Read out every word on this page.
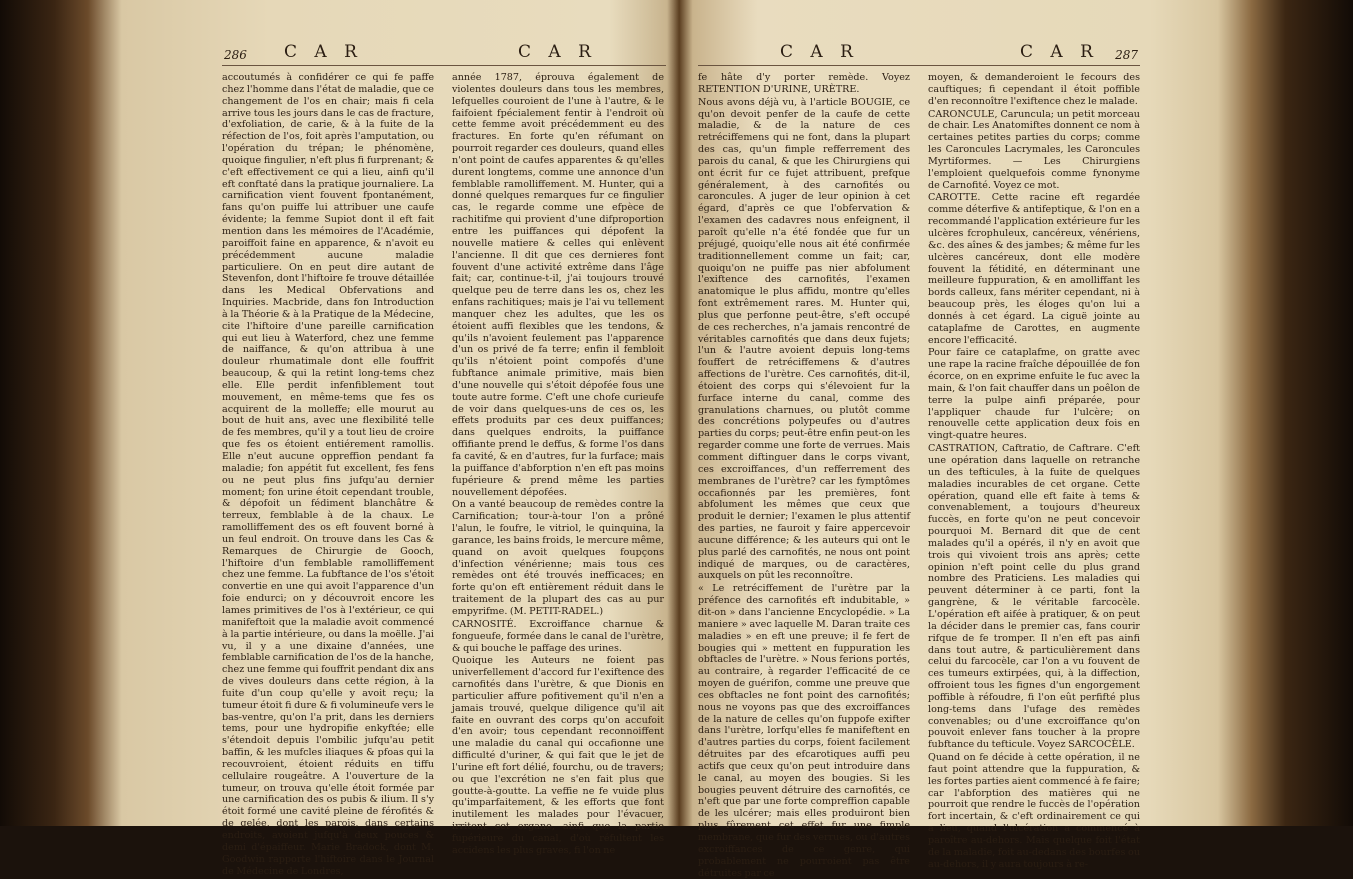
286 C A R	C A R

accoutumés à confidérer ce qui fe paffe chez l'homme dans l'état de maladie, que ce changement de l'os en chair; mais fi cela arrive tous les jours dans le cas de fracture, d'exfoliation, de carie, & à la fuite de la réfection de l'os, foit après l'amputation, ou l'opération du trépan; le phénomène, quoique fingulier, n'eft plus fi furprenant; & c'eft effectivement ce qui a lieu, ainfi qu'il eft conftaté dans la pratique journaliere. La carnification vient fouvent fpontanément, fans qu'on puiffe lui attribuer une caufe évidente; la femme Supiot dont il eft fait mention dans les mémoires de l'Académie, paroiffoit faine en apparence, & n'avoit eu précédemment aucune maladie particuliere. On en peut dire autant de Stevenfon, dont l'hiftoire fe trouve détaillée dans les Medical Obfervations and Inquiries. Macbride, dans fon Introduction à la Théorie & à la Pratique de la Médecine, cite l'hiftoire d'une pareille carnification qui eut lieu à Waterford, chez une femme de naiffance, & qu'on attribua à une douleur rhumatimale dont elle fouffrit beaucoup, & qui la retint long-tems chez elle. Elle perdit infenfiblement tout mouvement, en même-tems que fes os acquirent de la molleffe; elle mourut au bout de huit ans, avec une flexibilité telle de fes membres, qu'il y a tout lieu de croire que fes os étoient entiérement ramollis. Elle n'eut aucune oppreffion pendant fa maladie; fon appétit fut excellent, fes fens ou ne peut plus fins jufqu'au dernier moment; fon urine étoit cependant trouble, & dépofoit un fédiment blanchâtre & terreux, femblable à de la chaux. Le ramolliffement des os eft fouvent borné à un feul endroit. On trouve dans les Cas & Remarques de Chirurgie de Gooch, l'hiftoire d'un femblable ramolliffement chez une femme. La fubftance de l'os s'étoit convertie en une qui avoit l'apparence d'un foie endurci; on y découvroit encore les lames primitives de l'os à l'extérieur, ce qui manifeftoit que la maladie avoit commencé à la partie intérieure, ou dans la moëlle. J'ai vu, il y a une dixaine d'années, une femblable carnification de l'os de la hanche, chez une femme qui fouffrit pendant dix ans de vives douleurs dans cette région, à la fuite d'un coup qu'elle y avoit reçu; la tumeur étoit fi dure & fi volumineufe vers le bas-ventre, qu'on l'a prit, dans les derniers tems, pour une hydropifie enkyftée; elle s'étendoit depuis l'ombilic jufqu'au petit baffin, & les mufcles iliaques & pfoas qui la recouvroient, étoient réduits en tiffu cellulaire rougeâtre. A l'ouverture de la tumeur, on trouva qu'elle étoit formée par une carnification des os pubis & ilium. Il s'y étoit formé une cavité pleine de férofités & de gelée, dont les parois, dans certains endroits, avoient jufqu'à deux pouces & demi d'épaiffeur. Marie Bradock, dont M. Goodwin rapporte l'hiftoire dans le Journal de Médecine de Londres,

année 1787, éprouva également de violentes douleurs dans tous les membres, lefquelles couroient de l'une à l'autre, & le faifoient fpécialement fentir à l'endroit où cette femme avoit précédemment eu des fractures. En forte qu'en réfumant on pourroit regarder ces douleurs, quand elles n'ont point de caufes apparentes & qu'elles durent longtems, comme une annonce d'un femblable ramolliffement. M. Hunter, qui a donné quelques remarques fur ce fingulier cas, le regarde comme une efpèce de rachitifme qui provient d'une difproportion entre les puiffances qui dépofent la nouvelle matiere & celles qui enlèvent l'ancienne. Il dit que ces dernieres font fouvent d'une activité extrême dans l'âge fait; car, continue-t-il, j'ai toujours trouvé quelque peu de terre dans les os, chez les enfans rachitiques; mais je l'ai vu tellement manquer chez les adultes, que les os étoient auffi flexibles que les tendons, & qu'ils n'avoient feulement pas l'apparence d'un os privé de fa terre; enfin il fembloit qu'ils n'étoient point compofés d'une fubftance animale primitive, mais bien d'une nouvelle qui s'étoit dépofée fous une toute autre forme. C'eft une chofe curieufe de voir dans quelques-uns de ces os, les effets produits par ces deux puiffances; dans quelques endroits, la puiffance offifiante prend le deffus, & forme l'os dans fa cavité, & en d'autres, fur la furface; mais la puiffance d'abforption n'en eft pas moins fupérieure & prend même les parties nouvellement dépofées.

On a vanté beaucoup de remèdes contre la Carnification; tour-à-tour l'on a prôné l'alun, le foufre, le vitriol, le quinquina, la garance, les bains froids, le mercure même, quand on avoit quelques foupçons d'infection vénérienne; mais tous ces remèdes ont été trouvés inefficaces; en forte qu'on eft entièrement réduit dans le traitement de la plupart des cas au pur empyrifme. (M. PETIT-RADEL.)

CARNOSITÉ. Excroiffance charnue & fongueufe, formée dans le canal de l'urètre, & qui bouche le paffage des urines.

Quoique les Auteurs ne foient pas univerfellement d'accord fur l'exiftence des carnofités dans l'urètre, & que Dionis en particulier affure pofitivement qu'il n'en a jamais trouvé, quelque diligence qu'il ait faite en ouvrant des corps qu'on accufoit d'en avoir; tous cependant reconnoiffent une maladie du canal qui occafionne une difficulté d'uriner, & qui fait que le jet de l'urine eft fort délié, fourchu, ou de travers; ou que l'excrétion ne s'en fait plus que goutte-à-goutte. La veffie ne fe vuide plus qu'imparfaitement, & les efforts que font inutilement les malades pour l'évacuer, irritent cet organe, ainfi que la partie fupérieure du canal, d'où réfultent les accidens les plus graves, fi l'on ne

C A R	C A R 287

fe hâte d'y porter remède. Voyez RETENTION D'URINE, URÈTRE.

Nous avons déjà vu, à l'article BOUGIE, ce qu'on devoit penfer de la caufe de cette maladie, & de la nature de ces retréciffemens qui ne font, dans la plupart des cas, qu'un fimple refferrement des parois du canal, & que les Chirurgiens qui ont écrit fur ce fujet attribuent, prefque généralement, à des carnofités ou caroncules. A juger de leur opinion à cet égard, d'après ce que l'obfervation & l'examen des cadavres nous enfeignent, il paroît qu'elle n'a été fondée que fur un préjugé, quoiqu'elle nous ait été confirmée traditionnellement comme un fait; car, quoiqu'on ne puiffe pas nier abfolument l'exiftence des carnofités, l'examen anatomique le plus affidu, montre qu'elles font extrêmement rares. M. Hunter qui, plus que perfonne peut-être, s'eft occupé de ces recherches, n'a jamais rencontré de véritables carnofités que dans deux fujets; l'un & l'autre avoient depuis long-tems fouffert de retréciffemens & d'autres affections de l'urètre. Ces carnofités, dit-il, étoient des corps qui s'élevoient fur la furface interne du canal, comme des granulations charnues, ou plutôt comme des concrétions polypeufes ou d'autres parties du corps; peut-être enfin peut-on les regarder comme une forte de verrues. Mais comment diftinguer dans le corps vivant, ces excroiffances, d'un refferrement des membranes de l'urètre? car les fymptômes occafionnés par les premières, font abfolument les mêmes que ceux que produit le dernier; l'examen le plus attentif des parties, ne fauroit y faire appercevoir aucune différence; & les auteurs qui ont le plus parlé des carnofités, ne nous ont point indiqué de marques, ou de caractères, auxquels on pût les reconnoître.

« Le retréciffement de l'urètre par la préfence des carnofités eft indubitable, » dit-on » dans l'ancienne Encyclopédie. » La maniere » avec laquelle M. Daran traite ces maladies » en eft une preuve; il fe fert de bougies qui » mettent en fuppuration les obftacles de l'urètre. » Nous ferions portés, au contraire, à regarder l'efficacité de ce moyen de guérifon, comme une preuve que ces obftacles ne font point des carnofités; nous ne voyons pas que des excroiffances de la nature de celles qu'on fuppofe exifter dans l'urètre, lorfqu'elles fe manifeftent en d'autres parties du corps, foient facilement détruites par des efcarotiques auffi peu actifs que ceux qu'on peut introduire dans le canal, au moyen des bougies. Si les bougies peuvent détruire des carnofités, ce n'eft que par une forte compreffion capable de les ulcérer; mais elles produiront bien plus fûrement cet effet fur une fimple membrane, que fur des verrues, ou d'autres excroiffances de ce genre, qui probablement ne pourroient pas être détruites par ce

moyen, & demanderoient le fecours des cauftiques; fi cependant il étoit poffible d'en reconnoître l'exiftence chez le malade.

CARONCULE, Caruncula; un petit morceau de chair. Les Anatomiftes donnent ce nom à certaines petites parties du corps; comme les Caroncules Lacrymales, les Caroncules Myrtiformes. — Les Chirurgiens l'emploient quelquefois comme fynonyme de Carnofité. Voyez ce mot.

CAROTTE. Cette racine eft regardée comme déterfive & antifeptique, & l'on en a recommandé l'application extérieure fur les ulcères fcrophuleux, cancéreux, vénériens, &c. des aînes & des jambes; & même fur les ulcères cancéreux, dont elle modère fouvent la fétidité, en déterminant une meilleure fuppuration, & en amolliffant les bords calleux, fans mériter cependant, ni à beaucoup près, les éloges qu'on lui a donnés à cet égard. La ciguë jointe au cataplafme de Carottes, en augmente encore l'efficacité.

Pour faire ce cataplafme, on gratte avec une rape la racine fraîche dépouillée de fon écorce, on en exprime enfuite le fuc avec la main, & l'on fait chauffer dans un poêlon de terre la pulpe ainfi préparée, pour l'appliquer chaude fur l'ulcère; on renouvelle cette application deux fois en vingt-quatre heures.

CASTRATION, Caftratio, de Caftrare. C'eft une opération dans laquelle on retranche un des tefticules, à la fuite de quelques maladies incurables de cet organe. Cette opération, quand elle eft faite à tems & convenablement, a toujours d'heureux fuccès, en forte qu'on ne peut concevoir pourquoi M. Bernard dit que de cent malades qu'il a opérés, il n'y en avoit que trois qui vivoient trois ans après; cette opinion n'eft point celle du plus grand nombre des Praticiens. Les maladies qui peuvent déterminer à ce parti, font la gangrène, & le véritable farcocèle. L'opération eft aifée à pratiquer, & on peut la décider dans le premier cas, fans courir rifque de fe tromper. Il n'en eft pas ainfi dans tout autre, & particulièrement dans celui du farcocèle, car l'on a vu fouvent de ces tumeurs extirpées, qui, à la diffection, offroient tous les fignes d'un engorgement poffible à réfoudre, fi l'on eût perfifté plus long-tems dans l'ufage des remèdes convenables; ou d'une excroiffance qu'on pouvoit enlever fans toucher à la propre fubftance du tefticule. Voyez SARCOCÈLE.

Quand on fe décide à cette opération, il ne faut point attendre que la fuppuration, & les fortes parties aient commencé à fe faire; car l'abforption des matières qui ne pourroit que rendre le fuccès de l'opération fort incertain, & c'eft ordinairement ce qui a lieu, quand l'ulcération a commencé à paroître au-dehors. Mais quelque foit l'état de la maladie, foit au-dedans des bourfes ou au-dehors, il y aura toujours à re-
